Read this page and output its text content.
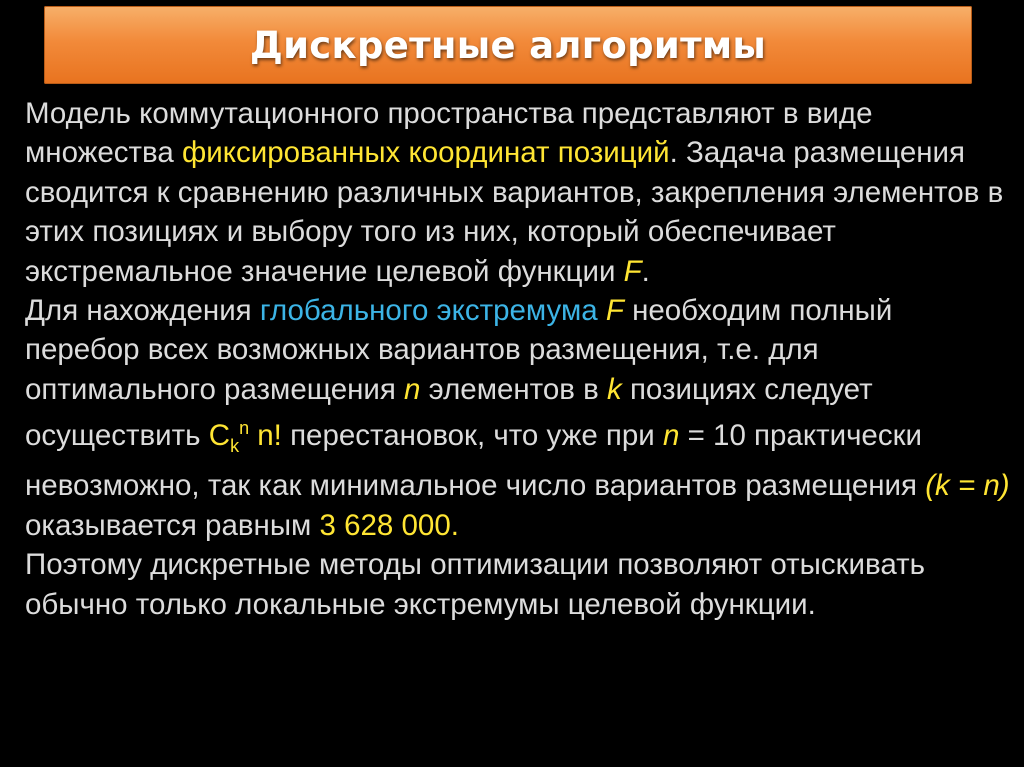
Дискретные алгоритмы

Модель коммутационного пространства представляют в виде множества фиксированных координат позиций. Задача размещения сводится к сравнению различных вариантов, закрепления элементов в этих позициях и выбору того из них, который обеспечивает экстремальное значение целевой функции F.

Для нахождения глобального экстремума F необходим полный перебор всех возможных вариантов размещения, т.е. для оптимального размещения n элементов в k позициях следует осуществить $C_k^n$ n! перестановок, что уже при n = 10 практически невозможно, так как минимальное число вариантов размещения (k = n) оказывается равным 3 628 000.

Поэтому дискретные методы оптимизации позволяют отыскивать обычно только локальные экстремумы целевой функции.
